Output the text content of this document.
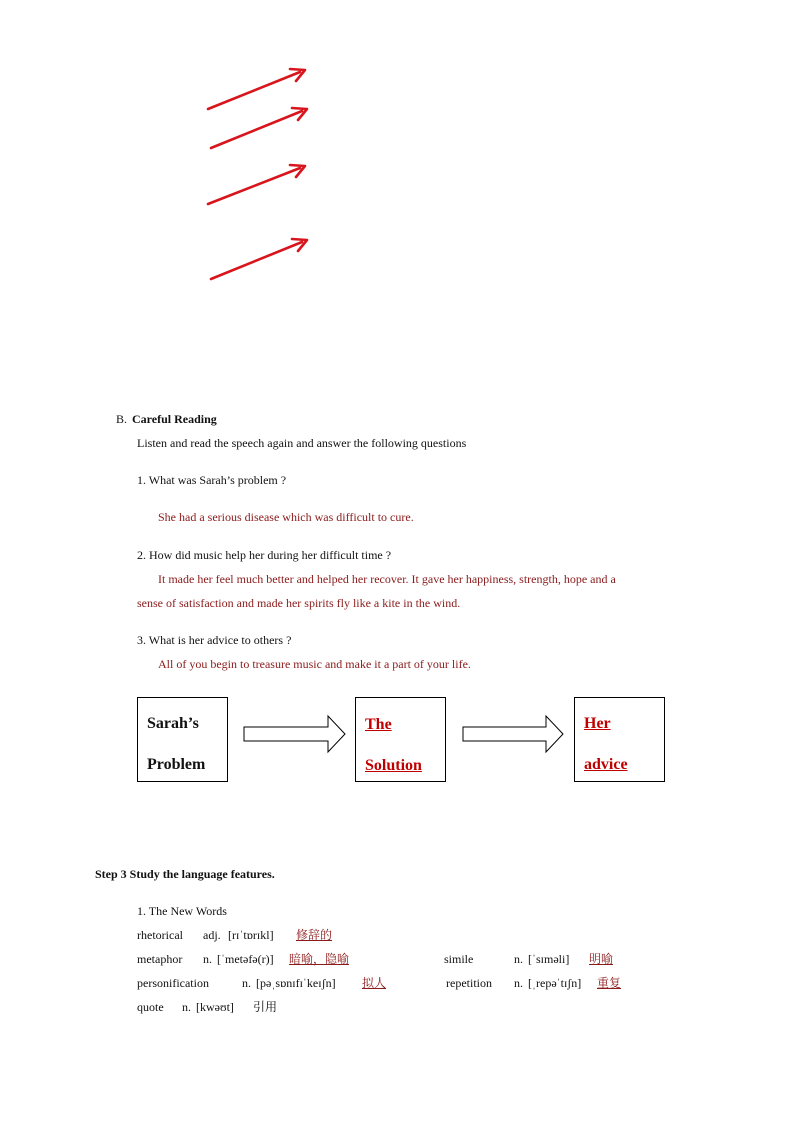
B. Careful Reading
Listen and read the speech again and answer the following questions
1. What was Sarah’s problem ?
She had a serious disease which was difficult to cure.
2. How did music help her during her difficult time ?
It made her feel much better and helped her recover. It gave her happiness, strength, hope and a
sense of satisfaction and made her spirits fly like a kite in the wind.
3. What is her advice to others ?
All of you begin to treasure music and make it a part of your life.
Sarah’s
Problem
The
Solution
Her
advice
Step 3 Study the language features.
1. The New Words
rhetorical adj. [rɪˈtɒrɪkl] 修辞的
metaphor n. [ˈmetəfə(r)] 暗喻，隐喻	simile	n. [ˈsɪməli] 明喻
personification	n. [pəˌsɒnɪfɪˈkeɪʃn] 拟人	repetition n. [ˌrepəˈtɪʃn] 重复
quote n. [kwəʊt] 引用
